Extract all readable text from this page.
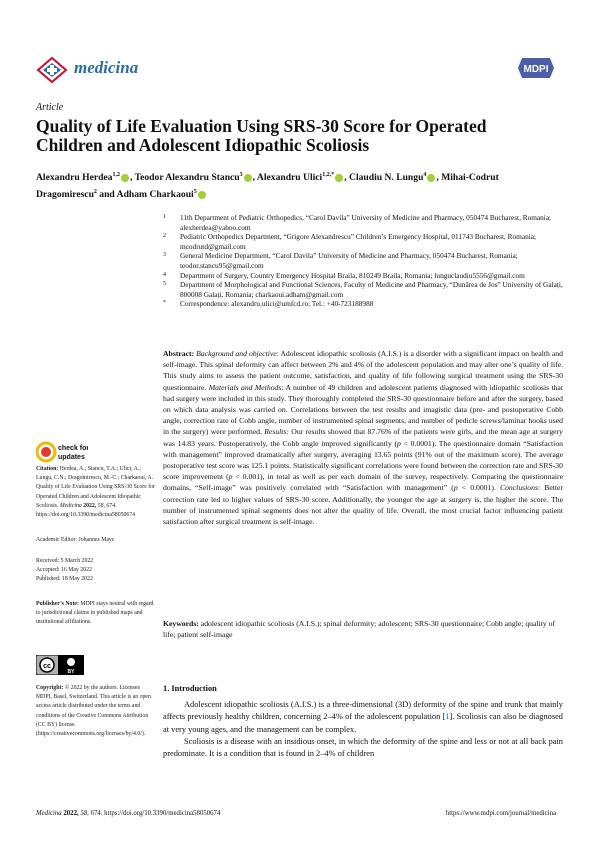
medicina	MDPI
Article
Quality of Life Evaluation Using SRS-30 Score for Operated Children and Adolescent Idiopathic Scoliosis
Alexandru Herdea$^{1,2}$ , Teodor Alexandru Stancu$^3$ , Alexandru Ulici$^{1,2,*}$ , Claudiu N. Lungu$^4$ , Mihai-Codrut Dragomirescu$^2$ and Adham Charkaoui$^5$
1	11th Department of Pediatric Orthopedics, “Carol Davila” University of Medicine and Pharmacy, 050474 Bucharest, Romania; alexherdea@yahoo.com
2	Pediatric Orthopedics Department, “Grigore Alexandrescu” Children’s Emergency Hospital, 011743 Bucharest, Romania; mcodrutd@gmail.com
3	General Medicine Department, “Carol Davila” University of Medicine and Pharmacy, 050474 Bucharest, Romania; teodor.stancu95@gmail.com
4	Department of Surgery, Country Emergency Hospital Braila, 810249 Braila, Romania; lunguclaudiu5556@gmail.com
5	Department of Morphological and Functional Sciences, Faculty of Medicine and Pharmacy, “Dunărea de Jos” University of Galați, 800008 Galați, Romania; charkaoui.adham@gmail.com
*	Correspondence: alexandru.ulici@umfcd.ro; Tel.: +40-723188988
check for
updates
Citation: Herdea, A.; Stancu, T.A.; Ulici, A.; Lungu, C.N.; Dragomirescu, M.-C.; Charkaoui, A. Quality of Life Evaluation Using SRS-30 Score for Operated Children and Adolescent Idiopathic Scoliosis. Medicina 2022, 58, 674. https://doi.org/10.3390/medicina58050674
Academic Editor: Johannes Mayr
Received: 5 March 2022
Accepted: 16 May 2022
Published: 18 May 2022
Publisher’s Note: MDPI stays neutral with regard to jurisdictional claims in published maps and institutional affiliations.
cc
BY
Copyright: © 2022 by the authors. Licensee MDPI, Basel, Switzerland. This article is an open access article distributed under the terms and conditions of the Creative Commons Attribution (CC BY) license (https://creativecommons.org/licenses/by/4.0/).
Abstract: Background and objective: Adolescent idiopathic scoliosis (A.I.S.) is a disorder with a significant impact on health and self-image. This spinal deformity can affect between 2% and 4% of the adolescent population and may alter one’s quality of life. This study aims to assess the patient outcome, satisfaction, and quality of life following surgical treatment using the SRS-30 questionnaire. Materials and Methods: A number of 49 children and adolescent patients diagnosed with idiopathic scoliosis that had surgery were included in this study. They thoroughly completed the SRS-30 questionnaire before and after the surgery, based on which data analysis was carried on. Correlations between the test results and imagistic data (pre- and postoperative Cobb angle, correction rate of Cobb angle, number of instrumented spinal segments, and number of pedicle screws/laminar hooks used in the surgery) were performed. Results: Our results showed that 87.76% of the patients were girls, and the mean age at surgery was 14.83 years. Postoperatively, the Cobb angle improved significantly (p < 0.0001). The questionnaire domain “Satisfaction with management” improved dramatically after surgery, averaging 13.65 points (91% out of the maximum score). The average postoperative test score was 125.1 points. Statistically significant correlations were found between the correction rate and SRS-30 score improvement (p < 0.001), in total as well as per each domain of the survey, respectively. Comparing the questionnaire domains, “Self-image” was positively correlated with “Satisfaction with management” (p < 0.0001). Conclusions: Better correction rate led to higher values of SRS-30 score. Additionally, the younger the age at surgery is, the higher the score. The number of instrumented spinal segments does not alter the quality of life. Overall, the most crucial factor influencing patient satisfaction after surgical treatment is self-image.
Keywords: adolescent idiopathic scoliosis (A.I.S.); spinal deformity; adolescent; SRS-30 questionnaire; Cobb angle; quality of life; patient self-image
1. Introduction

Adolescent idiopathic scoliosis (A.I.S.) is a three-dimensional (3D) deformity of the spine and trunk that mainly affects previously healthy children, concerning 2–4% of the adolescent population [1]. Scoliosis can also be diagnosed at very young ages, and the management can be complex.

Scoliosis is a disease with an insidious onset, in which the deformity of the spine and less or not at all back pain predominate. It is a condition that is found in 2–4% of children

Medicina 2022, 58, 674. https://doi.org/10.3390/medicina58050674	https://www.mdpi.com/journal/medicina
